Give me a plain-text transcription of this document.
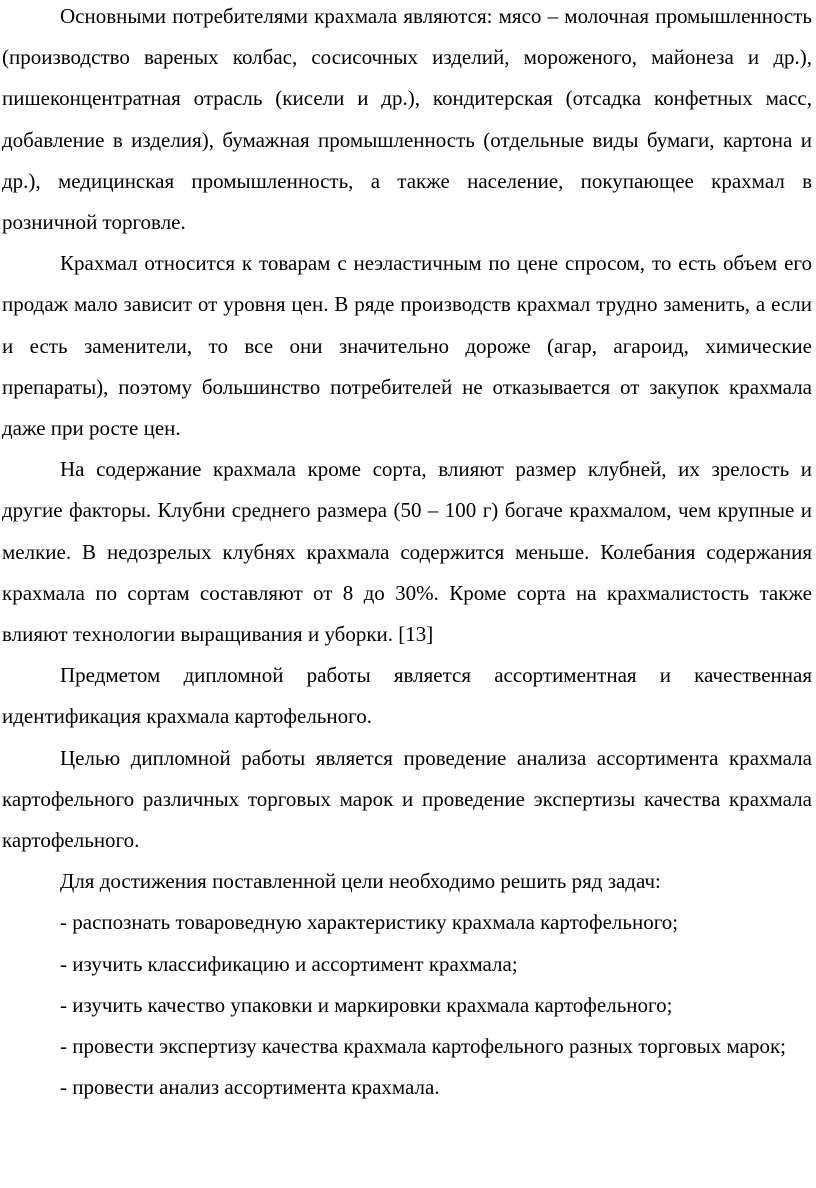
Основными потребителями крахмала являются: мясо – молочная промышленность (производство вареных колбас, сосисочных изделий, мороженого, майонеза и др.), пишеконцентратная отрасль (кисели и др.), кондитерская (отсадка конфетных масс, добавление в изделия), бумажная промышленность (отдельные виды бумаги, картона и др.), медицинская промышленность, а также население, покупающее крахмал в розничной торговле.

Крахмал относится к товарам с неэластичным по цене спросом, то есть объем его продаж мало зависит от уровня цен. В ряде производств крахмал трудно заменить, а если и есть заменители, то все они значительно дороже (агар, агароид, химические препараты), поэтому большинство потребителей не отказывается от закупок крахмала даже при росте цен.

На содержание крахмала кроме сорта, влияют размер клубней, их зрелость и другие факторы. Клубни среднего размера (50 – 100 г) богаче крахмалом, чем крупные и мелкие. В недозрелых клубнях крахмала содержится меньше. Колебания содержания крахмала по сортам составляют от 8 до 30%. Кроме сорта на крахмалистость также влияют технологии выращивания и уборки. [13]

Предметом дипломной работы является ассортиментная и качественная идентификация крахмала картофельного.

Целью дипломной работы является проведение анализа ассортимента крахмала картофельного различных торговых марок и проведение экспертизы качества крахмала картофельного.

Для достижения поставленной цели необходимо решить ряд задач:

- распознать товароведную характеристику крахмала картофельного;

- изучить классификацию и ассортимент крахмала;

- изучить качество упаковки и маркировки крахмала картофельного;

- провести экспертизу качества крахмала картофельного разных торговых марок;

- провести анализ ассортимента крахмала.
